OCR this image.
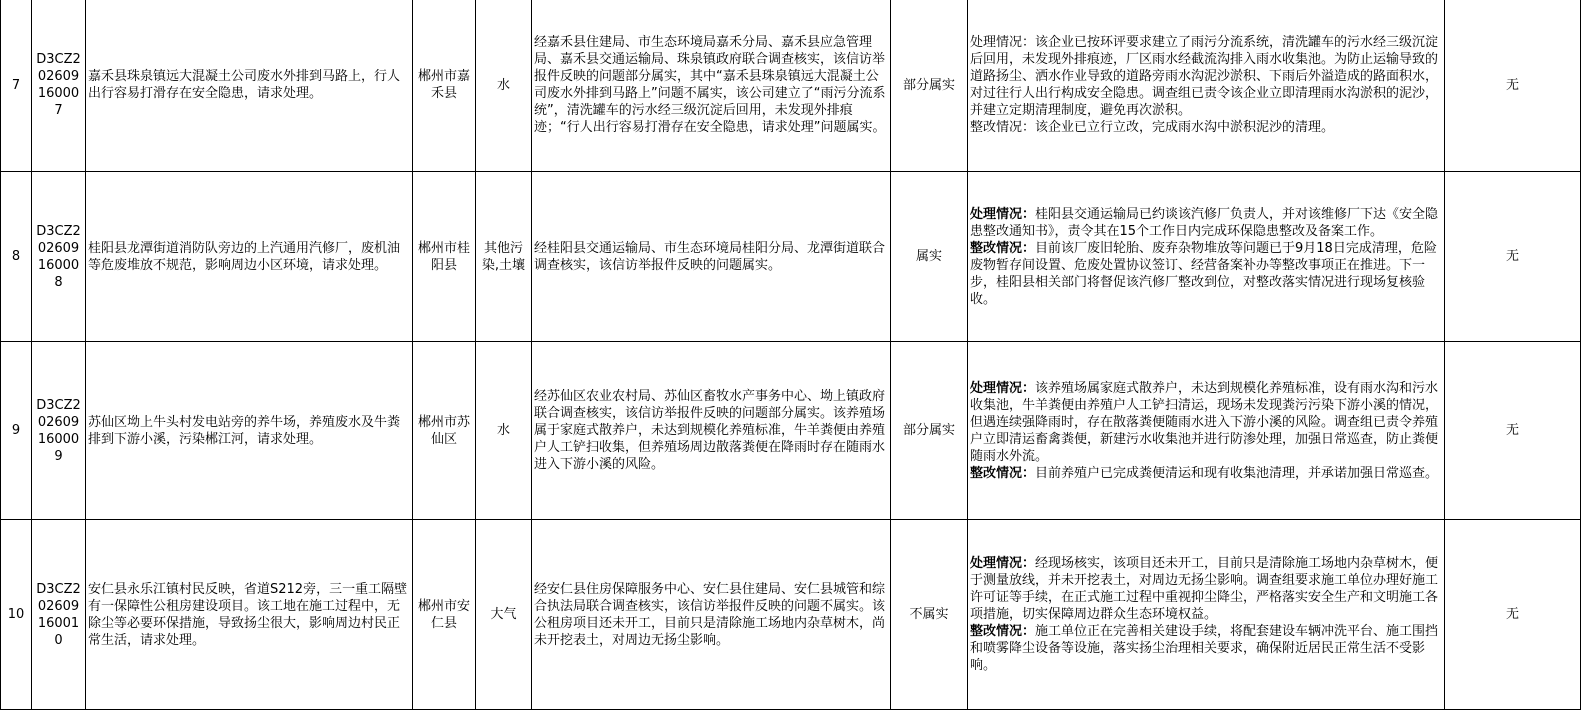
7	D3CZ202609160007	嘉禾县珠泉镇远大混凝土公司废水外排到马路上，行人出行容易打滑存在安全隐患，请求处理。	郴州市嘉禾县	水	经嘉禾县住建局、市生态环境局嘉禾分局、嘉禾县应急管理局、嘉禾县交通运输局、珠泉镇政府联合调查核实，该信访举报件反映的问题部分属实，其中“嘉禾县珠泉镇远大混凝土公司废水外排到马路上”问题不属实，该公司建立了“雨污分流系统”，清洗罐车的污水经三级沉淀后回用，未发现外排痕迹；“行人出行容易打滑存在安全隐患，请求处理”问题属实。	部分属实	处理情况：该企业已按环评要求建立了雨污分流系统，清洗罐车的污水经三级沉淀后回用，未发现外排痕迹，厂区雨水经截流沟排入雨水收集池。为防止运输导致的道路扬尘、洒水作业导致的道路旁雨水沟泥沙淤积、下雨后外溢造成的路面积水，对过往行人出行构成安全隐患。调查组已责令该企业立即清理雨水沟淤积的泥沙，并建立定期清理制度，避免再次淤积。
整改情况：该企业已立行立改，完成雨水沟中淤积泥沙的清理。	无
8	D3CZ202609160008	桂阳县龙潭街道消防队旁边的上汽通用汽修厂，废机油等危废堆放不规范，影响周边小区环境，请求处理。	郴州市桂阳县	其他污染,土壤	经桂阳县交通运输局、市生态环境局桂阳分局、龙潭街道联合调查核实，该信访举报件反映的问题属实。	属实	处理情况：桂阳县交通运输局已约谈该汽修厂负责人，并对该维修厂下达《安全隐患整改通知书》，责令其在15个工作日内完成环保隐患整改及备案工作。
整改情况：目前该厂废旧轮胎、废弃杂物堆放等问题已于9月18日完成清理，危险废物暂存间设置、危废处置协议签订、经营备案补办等整改事项正在推进。下一步，桂阳县相关部门将督促该汽修厂整改到位，对整改落实情况进行现场复核验收。	无
9	D3CZ202609160009	苏仙区坳上牛头村发电站旁的养牛场，养殖废水及牛粪排到下游小溪，污染郴江河，请求处理。	郴州市苏仙区	水	经苏仙区农业农村局、苏仙区畜牧水产事务中心、坳上镇政府联合调查核实，该信访举报件反映的问题部分属实。该养殖场属于家庭式散养户，未达到规模化养殖标准，牛羊粪便由养殖户人工铲扫收集，但养殖场周边散落粪便在降雨时存在随雨水进入下游小溪的风险。	部分属实	处理情况：该养殖场属家庭式散养户，未达到规模化养殖标准，设有雨水沟和污水收集池，牛羊粪便由养殖户人工铲扫清运，现场未发现粪污污染下游小溪的情况，但遇连续强降雨时，存在散落粪便随雨水进入下游小溪的风险。调查组已责令养殖户立即清运畜禽粪便，新建污水收集池并进行防渗处理，加强日常巡查，防止粪便随雨水外流。
整改情况：目前养殖户已完成粪便清运和现有收集池清理，并承诺加强日常巡查。	无
10	D3CZ202609160010	安仁县永乐江镇村民反映，省道S212旁，三一重工隔壁有一保障性公租房建设项目。该工地在施工过程中，无除尘等必要环保措施，导致扬尘很大，影响周边村民正常生活，请求处理。	郴州市安仁县	大气	经安仁县住房保障服务中心、安仁县住建局、安仁县城管和综合执法局联合调查核实，该信访举报件反映的问题不属实。该公租房项目还未开工，目前只是清除施工场地内杂草树木，尚未开挖表土，对周边无扬尘影响。	不属实	处理情况：经现场核实，该项目还未开工，目前只是清除施工场地内杂草树木，便于测量放线，并未开挖表土，对周边无扬尘影响。调查组要求施工单位办理好施工许可证等手续，在正式施工过程中重视抑尘降尘，严格落实安全生产和文明施工各项措施，切实保障周边群众生态环境权益。
整改情况：施工单位正在完善相关建设手续，将配套建设车辆冲洗平台、施工围挡和喷雾降尘设备等设施，落实扬尘治理相关要求，确保附近居民正常生活不受影响。	无
